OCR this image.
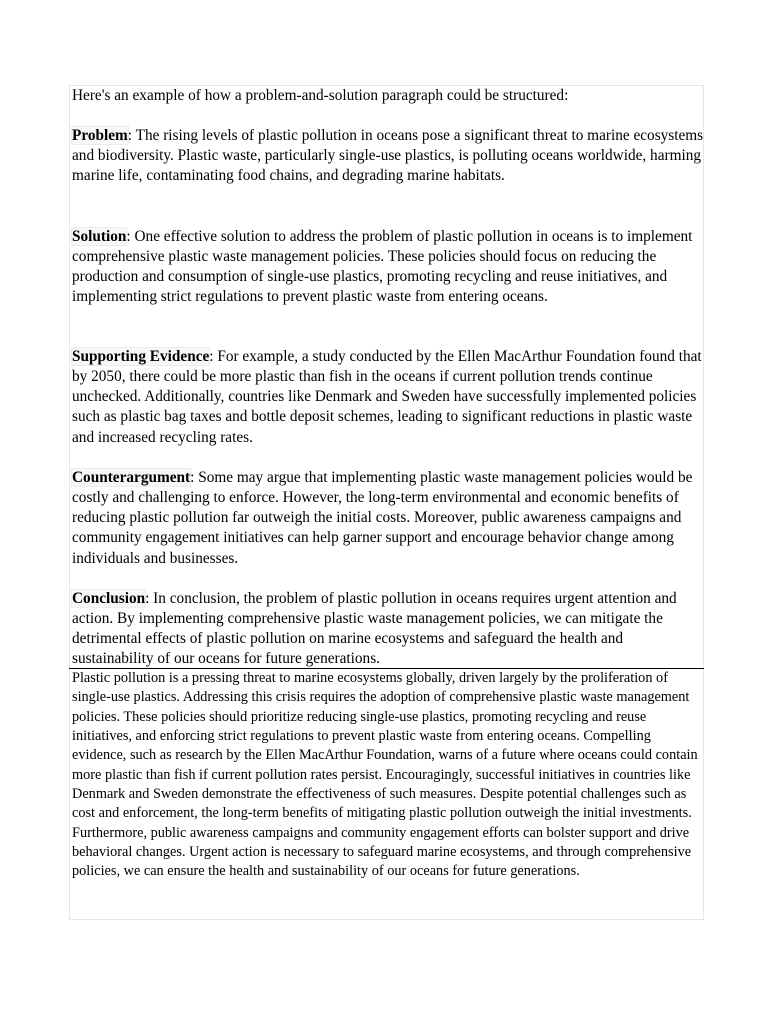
Here's an example of how a problem-and-solution paragraph could be structured:

Problem: The rising levels of plastic pollution in oceans pose a significant threat to marine ecosystems and biodiversity. Plastic waste, particularly single-use plastics, is polluting oceans worldwide, harming marine life, contaminating food chains, and degrading marine habitats.

Solution: One effective solution to address the problem of plastic pollution in oceans is to implement comprehensive plastic waste management policies. These policies should focus on reducing the production and consumption of single-use plastics, promoting recycling and reuse initiatives, and implementing strict regulations to prevent plastic waste from entering oceans.

Supporting Evidence: For example, a study conducted by the Ellen MacArthur Foundation found that by 2050, there could be more plastic than fish in the oceans if current pollution trends continue unchecked. Additionally, countries like Denmark and Sweden have successfully implemented policies such as plastic bag taxes and bottle deposit schemes, leading to significant reductions in plastic waste and increased recycling rates.

Counterargument: Some may argue that implementing plastic waste management policies would be costly and challenging to enforce. However, the long-term environmental and economic benefits of reducing plastic pollution far outweigh the initial costs. Moreover, public awareness campaigns and community engagement initiatives can help garner support and encourage behavior change among individuals and businesses.

Conclusion: In conclusion, the problem of plastic pollution in oceans requires urgent attention and action. By implementing comprehensive plastic waste management policies, we can mitigate the detrimental effects of plastic pollution on marine ecosystems and safeguard the health and sustainability of our oceans for future generations.

Plastic pollution is a pressing threat to marine ecosystems globally, driven largely by the proliferation of single-use plastics. Addressing this crisis requires the adoption of comprehensive plastic waste management policies. These policies should prioritize reducing single-use plastics, promoting recycling and reuse initiatives, and enforcing strict regulations to prevent plastic waste from entering oceans. Compelling evidence, such as research by the Ellen MacArthur Foundation, warns of a future where oceans could contain more plastic than fish if current pollution rates persist. Encouragingly, successful initiatives in countries like Denmark and Sweden demonstrate the effectiveness of such measures. Despite potential challenges such as cost and enforcement, the long-term benefits of mitigating plastic pollution outweigh the initial investments. Furthermore, public awareness campaigns and community engagement efforts can bolster support and drive behavioral changes. Urgent action is necessary to safeguard marine ecosystems, and through comprehensive policies, we can ensure the health and sustainability of our oceans for future generations.
